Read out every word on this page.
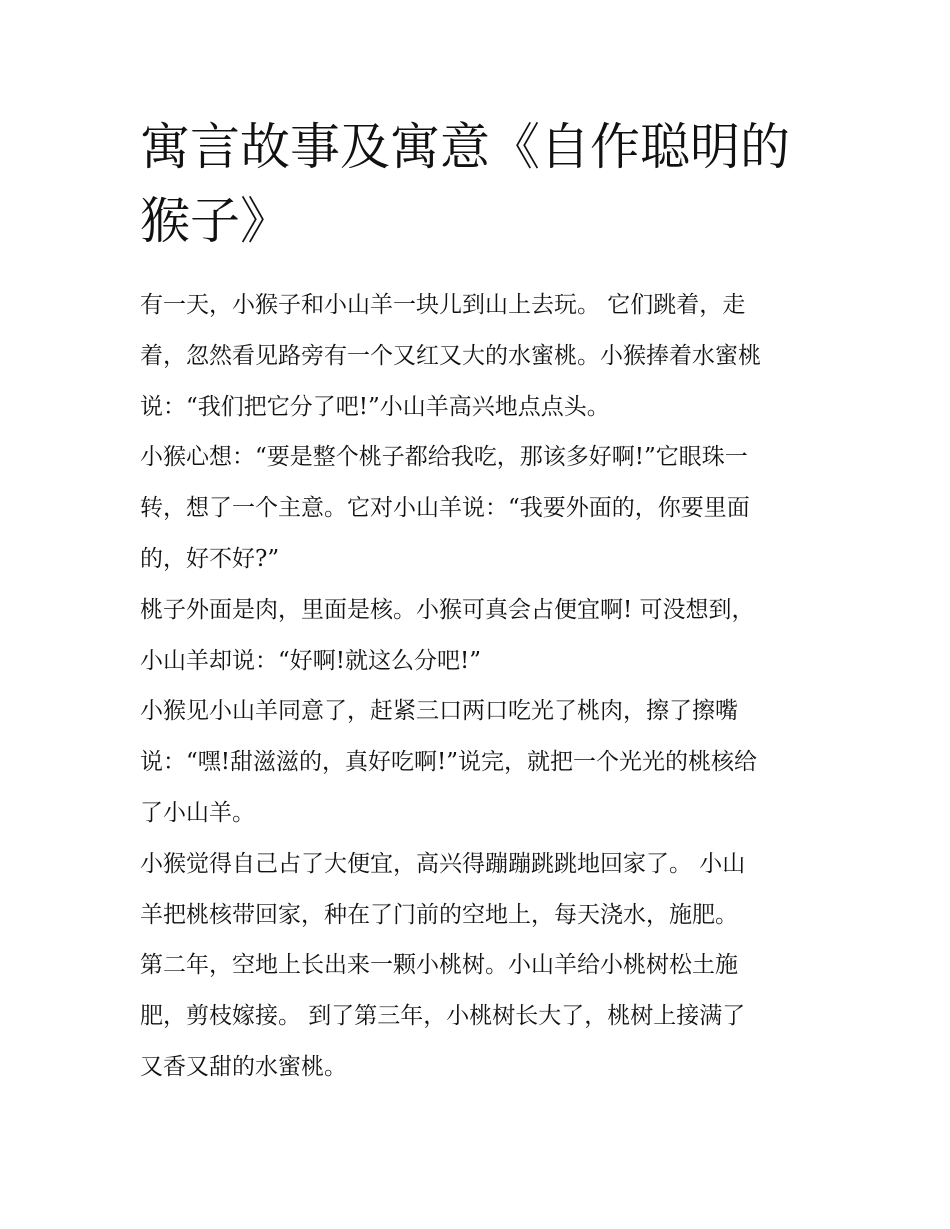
寓言故事及寓意《自作聪明的
猴子》
有一天，小猴子和小山羊一块儿到山上去玩。 它们跳着，走
着，忽然看见路旁有一个又红又大的水蜜桃。小猴捧着水蜜桃
说：“我们把它分了吧!”小山羊高兴地点点头。
小猴心想：“要是整个桃子都给我吃，那该多好啊!”它眼珠一
转，想了一个主意。它对小山羊说：“我要外面的，你要里面
的，好不好?”
桃子外面是肉，里面是核。小猴可真会占便宜啊! 可没想到，
小山羊却说：“好啊!就这么分吧!”
小猴见小山羊同意了，赶紧三口两口吃光了桃肉，擦了擦嘴
说：“嘿!甜滋滋的，真好吃啊!”说完，就把一个光光的桃核给
了小山羊。
小猴觉得自己占了大便宜，高兴得蹦蹦跳跳地回家了。 小山
羊把桃核带回家，种在了门前的空地上，每天浇水，施肥。
第二年，空地上长出来一颗小桃树。小山羊给小桃树松土施
肥，剪枝嫁接。 到了第三年，小桃树长大了，桃树上接满了
又香又甜的水蜜桃。
